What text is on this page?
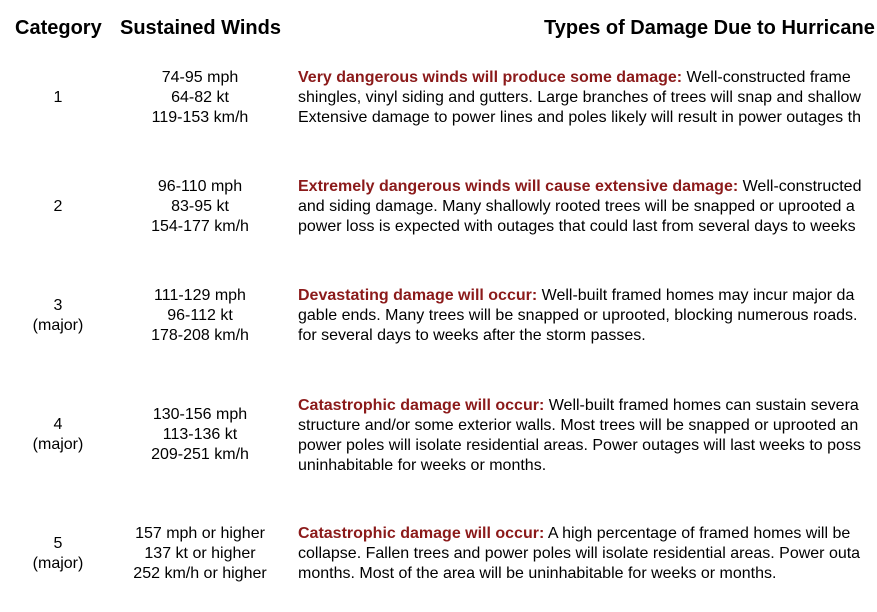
Category Sustained Winds	Types of Damage Due to Hurricane
1
74-95 mph
64-82 kt
119-153 km/h
Very dangerous winds will produce some damage: Well-constructed frame
shingles, vinyl siding and gutters. Large branches of trees will snap and shallow
Extensive damage to power lines and poles likely will result in power outages th
2
96-110 mph
83-95 kt
154-177 km/h
Extremely dangerous winds will cause extensive damage: Well-constructed
and siding damage. Many shallowly rooted trees will be snapped or uprooted a
power loss is expected with outages that could last from several days to weeks
3
(major)
111-129 mph
96-112 kt
178-208 km/h
Devastating damage will occur: Well-built framed homes may incur major da
gable ends. Many trees will be snapped or uprooted, blocking numerous roads.
for several days to weeks after the storm passes.
4
(major)
130-156 mph
113-136 kt
209-251 km/h
Catastrophic damage will occur: Well-built framed homes can sustain severa
structure and/or some exterior walls. Most trees will be snapped or uprooted an
power poles will isolate residential areas. Power outages will last weeks to poss
uninhabitable for weeks or months.
5
(major)
157 mph or higher
137 kt or higher
252 km/h or higher
Catastrophic damage will occur: A high percentage of framed homes will be
collapse. Fallen trees and power poles will isolate residential areas. Power outa
months. Most of the area will be uninhabitable for weeks or months.
